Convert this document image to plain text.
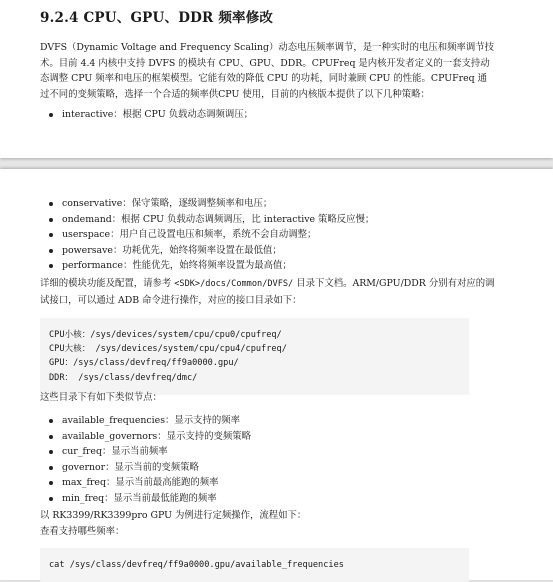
9.2.4 CPU、GPU、DDR 频率修改

DVFS（Dynamic Voltage and Frequency Scaling）动态电压频率调节，是一种实时的电压和频率调节技术。目前 4.4 内核中支持 DVFS 的模块有 CPU、GPU、DDR。CPUFreq 是内核开发者定义的一套支持动态调整 CPU 频率和电压的框架模型。它能有效的降低 CPU 的功耗，同时兼顾 CPU 的性能。CPUFreq 通过不同的变频策略，选择一个合适的频率供CPU 使用，目前的内核版本提供了以下几种策略：

interactive：根据 CPU 负载动态调频调压；
conservative：保守策略，逐级调整频率和电压；
ondemand：根据 CPU 负载动态调频调压，比 interactive 策略反应慢；
userspace：用户自己设置电压和频率，系统不会自动调整；
powersave：功耗优先，始终将频率设置在最低值；
performance：性能优先，始终将频率设置为最高值；

详细的模块功能及配置，请参考 <SDK>/docs/Common/DVFS/ 目录下文档。ARM/GPU/DDR 分别有对应的调试接口，可以通过 ADB 命令进行操作，对应的接口目录如下：

CPU小核：/sys/devices/system/cpu/cpu0/cpufreq/
CPU大核： /sys/devices/system/cpu/cpu4/cpufreq/
GPU：/sys/class/devfreq/ff9a0000.gpu/
DDR： /sys/class/devfreq/dmc/

这些目录下有如下类似节点：

available_frequencies：显示支持的频率
available_governors：显示支持的变频策略
cur_freq：显示当前频率
governor：显示当前的变频策略
max_freq：显示当前最高能跑的频率
min_freq：显示当前最低能跑的频率

以 RK3399/RK3399pro GPU 为例进行定频操作，流程如下：

查看支持哪些频率：

cat /sys/class/devfreq/ff9a0000.gpu/available_frequencies
